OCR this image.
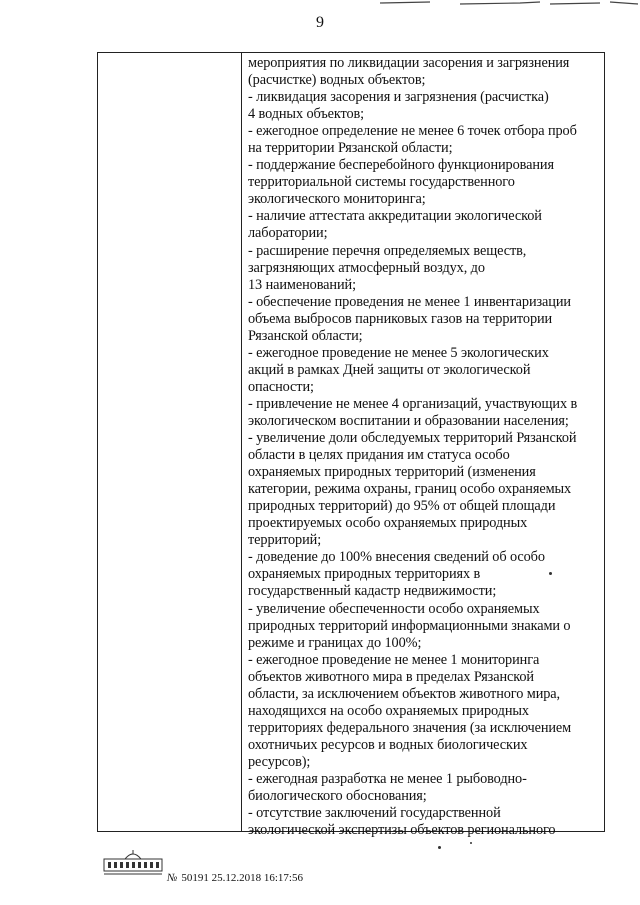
9
мероприятия по ликвидации засорения и загрязнения
(расчистке) водных объектов;
- ликвидация засорения и загрязнения (расчистка)
4 водных объектов;
- ежегодное определение не менее 6 точек отбора проб
на территории Рязанской области;
- поддержание бесперебойного функционирования
территориальной системы государственного
экологического мониторинга;
- наличие аттестата аккредитации экологической
лаборатории;
- расширение перечня определяемых веществ,
загрязняющих атмосферный воздух, до
13 наименований;
- обеспечение проведения не менее 1 инвентаризации
объема выбросов парниковых газов на территории
Рязанской области;
- ежегодное проведение не менее 5 экологических
акций в рамках Дней защиты от экологической
опасности;
- привлечение не менее 4 организаций, участвующих в
экологическом воспитании и образовании населения;
- увеличение доли обследуемых территорий Рязанской
области в целях придания им статуса особо
охраняемых природных территорий (изменения
категории, режима охраны, границ особо охраняемых
природных территорий) до 95% от общей площади
проектируемых особо охраняемых природных
территорий;
- доведение до 100% внесения сведений об особо
охраняемых природных территориях в
государственный кадастр недвижимости;
- увеличение обеспеченности особо охраняемых
природных территорий информационными знаками о
режиме и границах до 100%;
- ежегодное проведение не менее 1 мониторинга
объектов животного мира в пределах Рязанской
области, за исключением объектов животного мира,
находящихся на особо охраняемых природных
территориях федерального значения (за исключением
охотничьих ресурсов и водных биологических
ресурсов);
- ежегодная разработка не менее 1 рыбоводно-
биологического обоснования;
- отсутствие заключений государственной
экологической экспертизы объектов регионального
№ 50191 25.12.2018 16:17:56
